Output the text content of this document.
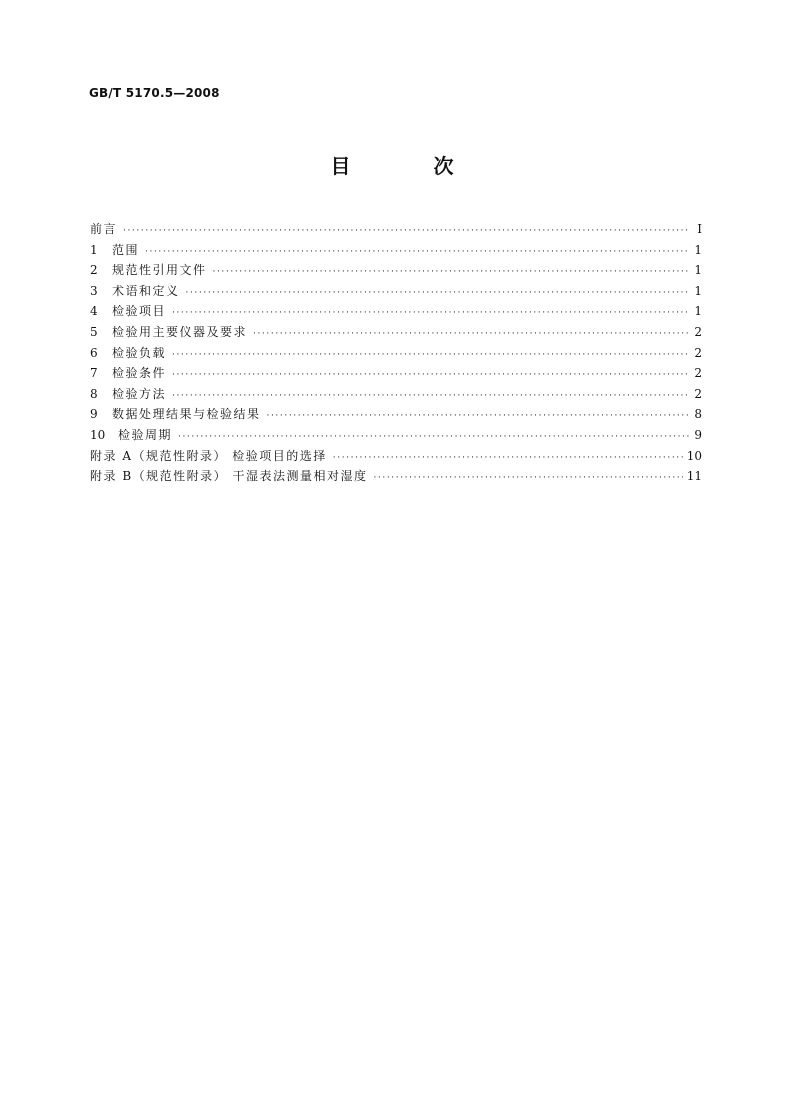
GB/T 5170.5—2008
目 次
前言 ·····	I
1	范围 ·····	1
2	规范性引用文件 ·····	1
3	术语和定义 ·····	1
4	检验项目 ·····	1
5	检验用主要仪器及要求 ·····	2
6	检验负载 ·····	2
7	检验条件 ·····	2
8	检验方法 ·····	2
9	数据处理结果与检验结果 ·····	8
10	检验周期 ·····	9
附录 A（规范性附录） 检验项目的选择 ·····	10
附录 B（规范性附录） 干湿表法测量相对湿度 ·····	11
